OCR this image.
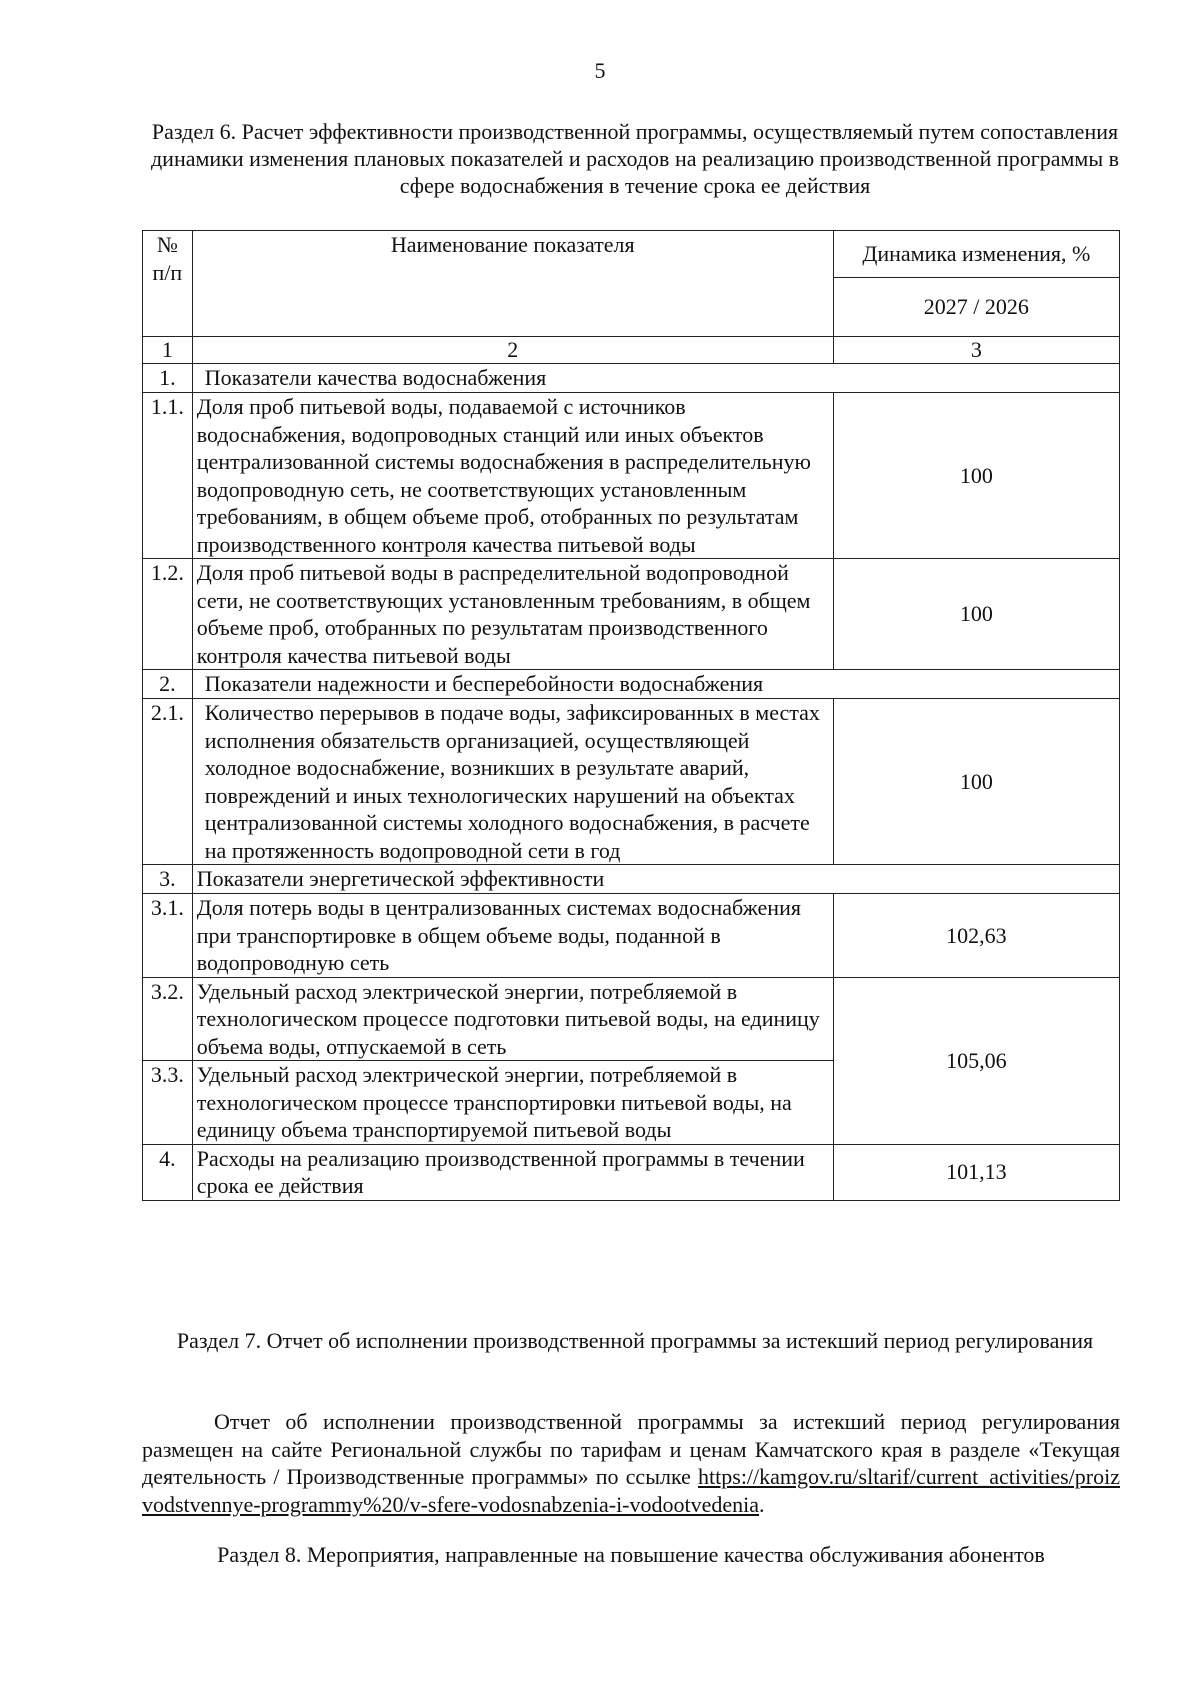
5
Раздел 6. Расчет эффективности производственной программы, осуществляемый путем сопоставления динамики изменения плановых показателей и расходов на реализацию производственной программы в сфере водоснабжения в течение срока ее действия
№ п/п	Наименование показателя	Динамика изменения, %
		2027 / 2026
1	2	3
1.	Показатели качества водоснабжения	
1.1.	Доля проб питьевой воды, подаваемой с источников водоснабжения, водопроводных станций или иных объектов централизованной системы водоснабжения в распределительную водопроводную сеть, не соответствующих установленным требованиям, в общем объеме проб, отобранных по результатам производственного контроля качества питьевой воды	100
1.2.	Доля проб питьевой воды в распределительной водопроводной сети, не соответствующих установленным требованиям, в общем объеме проб, отобранных по результатам производственного контроля качества питьевой воды	100
2.	Показатели надежности и бесперебойности водоснабжения	
2.1.	Количество перерывов в подаче воды, зафиксированных в местах исполнения обязательств организацией, осуществляющей холодное водоснабжение, возникших в результате аварий, повреждений и иных технологических нарушений на объектах централизованной системы холодного водоснабжения, в расчете на протяженность водопроводной сети в год	100
3.	Показатели энергетической эффективности	
3.1.	Доля потерь воды в централизованных системах водоснабжения при транспортировке в общем объеме воды, поданной в водопроводную сеть	102,63
3.2.	Удельный расход электрической энергии, потребляемой в технологическом процессе подготовки питьевой воды, на единицу объема воды, отпускаемой в сеть	105,06
3.3.	Удельный расход электрической энергии, потребляемой в технологическом процессе транспортировки питьевой воды, на единицу объема транспортируемой питьевой воды	
4.	Расходы на реализацию производственной программы в течении срока ее действия	101,13
Раздел 7. Отчет об исполнении производственной программы за истекший период регулирования
Отчет об исполнении производственной программы за истекший период регулирования размещен на сайте Региональной службы по тарифам и ценам Камчатского края в разделе «Текущая деятельность / Производственные программы» по ссылке https://kamgov.ru/sltarif/current_activities/proizvodstvennye-programmy%20/v-sfere-vodosnabzenia-i-vodootvedenia.
Раздел 8. Мероприятия, направленные на повышение качества обслуживания абонентов
